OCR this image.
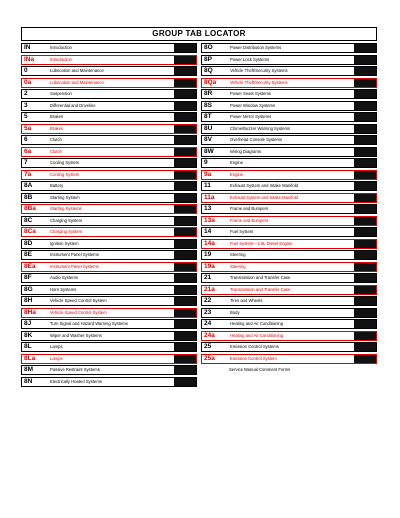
GROUP TAB LOCATOR
IN	Introduction
INa	Introduction
0	Lubrication and Maintenance
0a	Lubrication and Maintenance
2	Suspension
3	Differential and Driveline
5	Brakes
5a	Brakes
6	Clutch
6a	Clutch
7	Cooling System
7a	Cooling System
8A	Battery
8B	Starting System
8Ba	Starting Systems
8C	Charging System
8Ca	Charging System
8D	Ignition System
8E	Instrument Panel Systems
8Ea	Instrument Panel Systems
8F	Audio Systems
8G	Horn Systems
8H	Vehicle Speed Control System
8Ha	Vehicle Speed Control System
8J	Turn Signal and Hazard Warning Systems
8K	Wiper and Washer Systems
8L	Lamps
8La	Lamps
8M	Passive Restraint Systems
8N	Electrically Heated Systems
8O	Power Distribution Systems
8P	Power Lock Systems
8Q	Vehicle Theft/Security Systems
8Qa	Vehicle Theft/Security Systems
8R	Power Seats Systems
8S	Power Window Systems
8T	Power Mirror Systems
8U	Chime/Buzzer Warning Systems
8V	Overhead Console Systems
8W	Wiring Diagrams
9	Engine
9a	Engine
11	Exhaust System and Intake Manifold
11a	Exhaust System and Intake Manifold
13	Frame and Bumpers
13a	Frame and Bumpers
14	Fuel System
14a	Fuel System—2.5L Diesel Engine
19	Steering
19a	Steering
21	Transmission and Transfer Case
21a	Transmission and Transfer Case
22	Tires and Wheels
23	Body
24	Heating and Air Conditioning
24a	Heating and Air Conditioning
25	Emission Control Systems
25a	Emission Control System
Service Manual Comment Forms
